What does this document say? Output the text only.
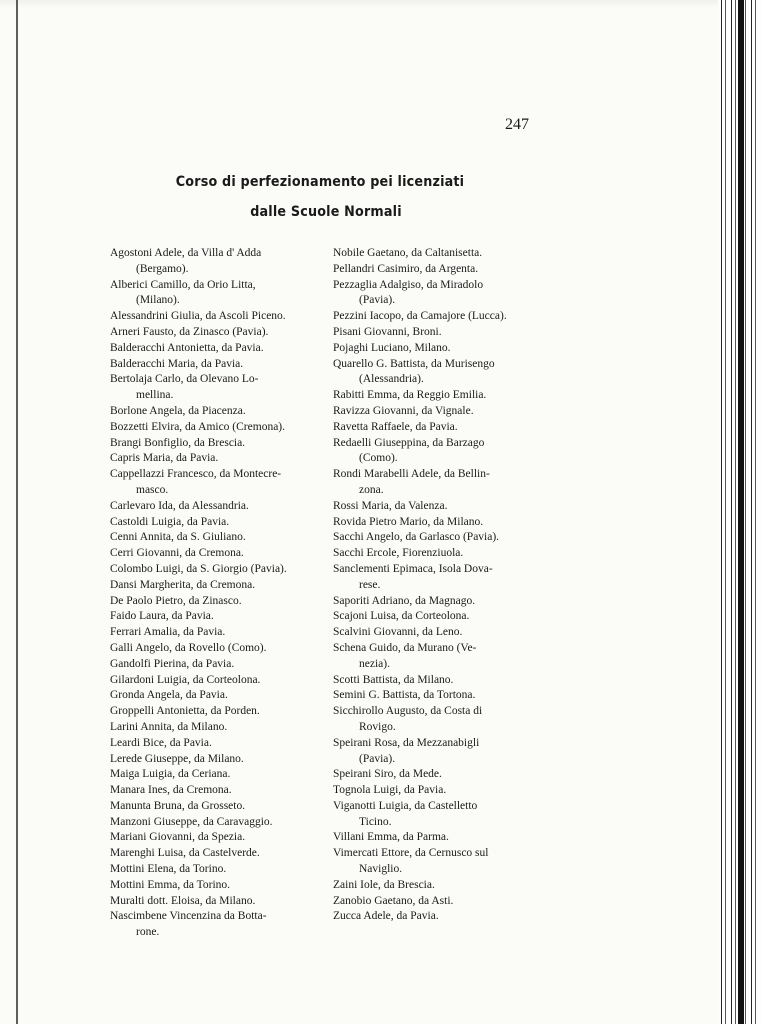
247
Corso di perfezionamento pei licenziati
dalle Scuole Normali
Agostoni Adele, da Villa d' Adda
(Bergamo).
Alberici Camillo, da Orio Litta,
(Milano).
Alessandrini Giulia, da Ascoli Piceno.
Arneri Fausto, da Zinasco (Pavia).
Balderacchi Antonietta, da Pavia.
Balderacchi Maria, da Pavia.
Bertolaja Carlo, da Olevano Lo-
mellina.
Borlone Angela, da Piacenza.
Bozzetti Elvira, da Amico (Cremona).
Brangi Bonfiglio, da Brescia.
Capris Maria, da Pavia.
Cappellazzi Francesco, da Montecre-
masco.
Carlevaro Ida, da Alessandria.
Castoldi Luigia, da Pavia.
Cenni Annita, da S. Giuliano.
Cerri Giovanni, da Cremona.
Colombo Luigi, da S. Giorgio (Pavia).
Dansi Margherita, da Cremona.
De Paolo Pietro, da Zinasco.
Faido Laura, da Pavia.
Ferrari Amalia, da Pavia.
Galli Angelo, da Rovello (Como).
Gandolfi Pierina, da Pavia.
Gilardoni Luigia, da Corteolona.
Gronda Angela, da Pavia.
Groppelli Antonietta, da Porden.
Larini Annita, da Milano.
Leardi Bice, da Pavia.
Lerede Giuseppe, da Milano.
Maiga Luigia, da Ceriana.
Manara Ines, da Cremona.
Manunta Bruna, da Grosseto.
Manzoni Giuseppe, da Caravaggio.
Mariani Giovanni, da Spezia.
Marenghi Luisa, da Castelverde.
Mottini Elena, da Torino.
Mottini Emma, da Torino.
Muralti dott. Eloisa, da Milano.
Nascimbene Vincenzina da Botta-
rone.
Nobile Gaetano, da Caltanisetta.
Pellandri Casimiro, da Argenta.
Pezzaglia Adalgiso, da Miradolo
(Pavia).
Pezzini Iacopo, da Camajore (Lucca).
Pisani Giovanni, Broni.
Pojaghi Luciano, Milano.
Quarello G. Battista, da Murisengo
(Alessandria).
Rabitti Emma, da Reggio Emilia.
Ravizza Giovanni, da Vignale.
Ravetta Raffaele, da Pavia.
Redaelli Giuseppina, da Barzago
(Como).
Rondi Marabelli Adele, da Bellin-
zona.
Rossi Maria, da Valenza.
Rovida Pietro Mario, da Milano.
Sacchi Angelo, da Garlasco (Pavia).
Sacchi Ercole, Fiorenziuola.
Sanclementi Epimaca, Isola Dova-
rese.
Saporiti Adriano, da Magnago.
Scajoni Luisa, da Corteolona.
Scalvini Giovanni, da Leno.
Schena Guido, da Murano (Ve-
nezia).
Scotti Battista, da Milano.
Semini G. Battista, da Tortona.
Sicchirollo Augusto, da Costa di
Rovigo.
Speirani Rosa, da Mezzanabigli
(Pavia).
Speirani Siro, da Mede.
Tognola Luigi, da Pavia.
Viganotti Luigia, da Castelletto
Ticino.
Villani Emma, da Parma.
Vimercati Ettore, da Cernusco sul
Naviglio.
Zaini Iole, da Brescia.
Zanobio Gaetano, da Asti.
Zucca Adele, da Pavia.
